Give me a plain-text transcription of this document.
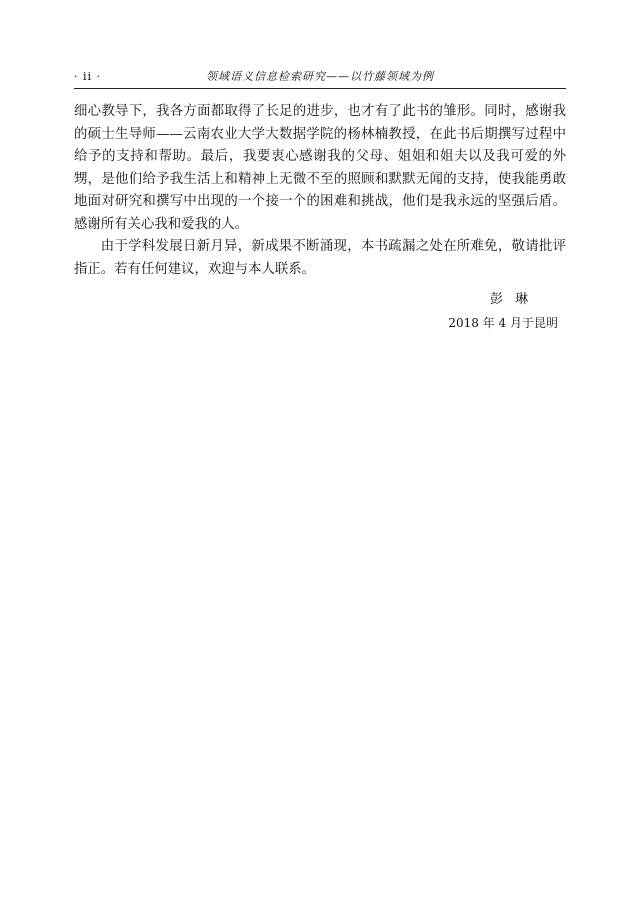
· ii ·	领域语义信息检索研究——以竹藤领域为例

细心教导下，我各方面都取得了长足的进步，也才有了此书的雏形。同时，感谢我的硕士生导师——云南农业大学大数据学院的杨林楠教授，在此书后期撰写过程中给予的支持和帮助。最后，我要衷心感谢我的父母、姐姐和姐夫以及我可爱的外甥，是他们给予我生活上和精神上无微不至的照顾和默默无闻的支持，使我能勇敢地面对研究和撰写中出现的一个接一个的困难和挑战，他们是我永远的坚强后盾。感谢所有关心我和爱我的人。

由于学科发展日新月异，新成果不断涌现，本书疏漏之处在所难免，敬请批评指正。若有任何建议，欢迎与本人联系。

彭琳
2018 年 4 月于昆明
